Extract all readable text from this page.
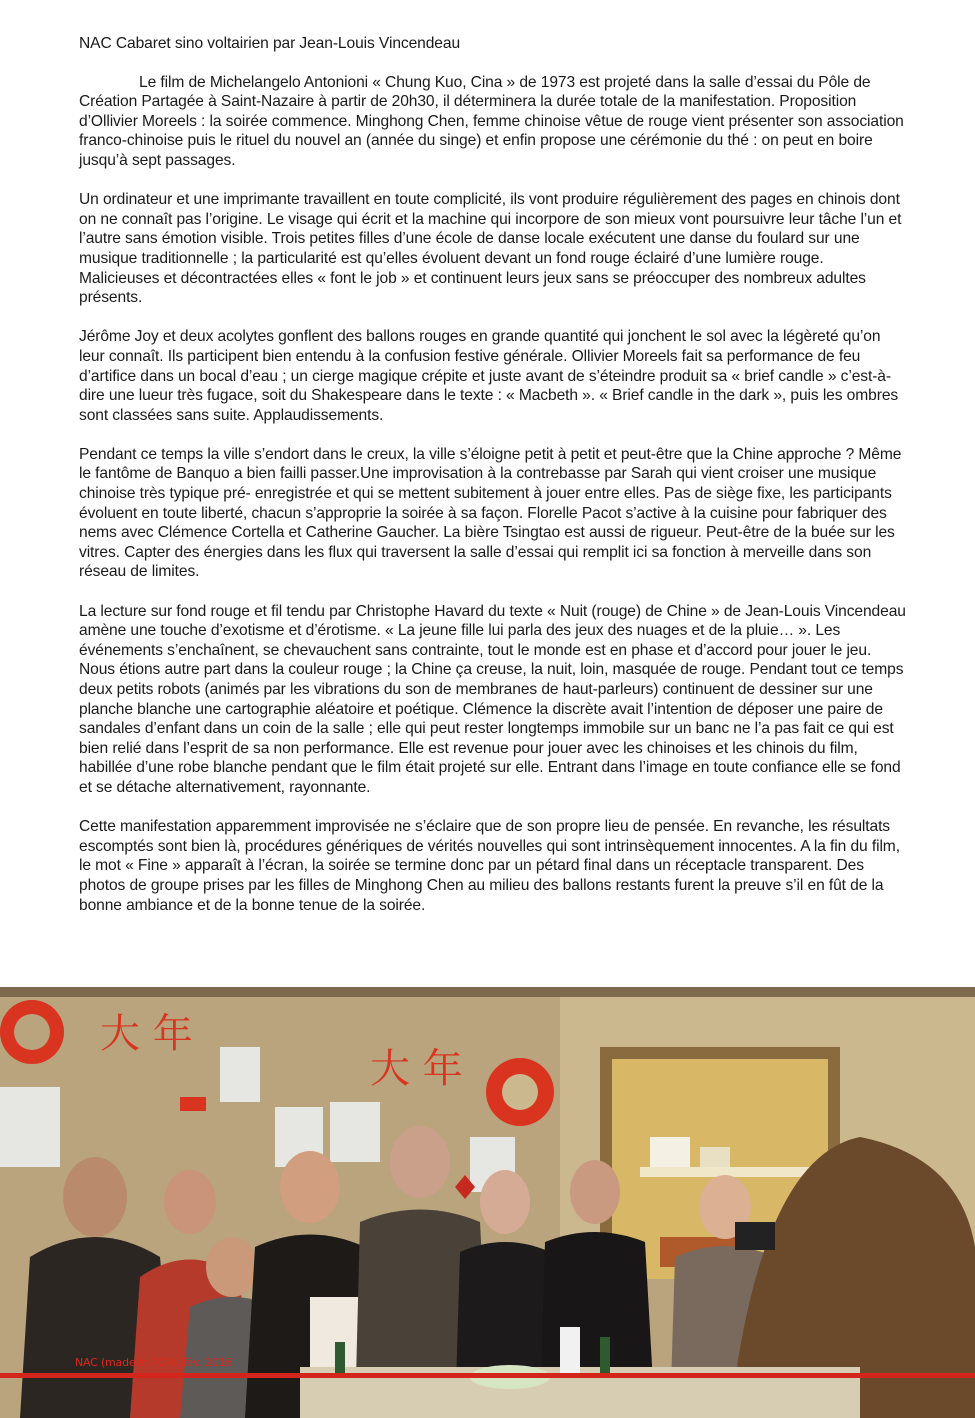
NAC Cabaret sino voltairien par Jean-Louis Vincendeau

Le film de Michelangelo Antonioni « Chung Kuo, Cina » de 1973 est projeté dans la salle d’essai du Pôle de Création Partagée à Saint-Nazaire à partir de 20h30, il déterminera la durée totale de la manifestation. Proposition d’Ollivier Moreels : la soirée commence. Minghong Chen, femme chinoise vêtue de rouge vient présenter son association franco-chinoise puis le rituel du nouvel an (année du singe) et enfin propose une cérémonie du thé : on peut en boire jusqu’à sept passages.

Un ordinateur et une imprimante travaillent en toute complicité, ils vont produire régulièrement des pages en chinois dont on ne connaît pas l’origine. Le visage qui écrit et la machine qui incorpore de son mieux vont poursuivre leur tâche l’un et l’autre sans émotion visible. Trois petites filles d’une école de danse locale exécutent une danse du foulard sur une musique traditionnelle ; la particularité est qu’elles évoluent devant un fond rouge éclairé d’une lumière rouge. Malicieuses et décontractées elles « font le job » et continuent leurs jeux sans se préoccuper des nombreux adultes présents.

Jérôme Joy et deux acolytes gonflent des ballons rouges en grande quantité qui jonchent le sol avec la légèreté qu’on leur connaît. Ils participent bien entendu à la confusion festive générale. Ollivier Moreels fait sa performance de feu d’artifice dans un bocal d’eau ; un cierge magique crépite et juste avant de s’éteindre produit sa « brief candle » c’est-à-dire une lueur très fugace, soit du Shakespeare dans le texte : « Macbeth ». « Brief candle in the dark », puis les ombres sont classées sans suite. Applaudissements.

Pendant ce temps la ville s’endort dans le creux, la ville s’éloigne petit à petit et peut-être que la Chine approche ? Même le fantôme de Banquo a bien failli passer.Une improvisation à la contrebasse par Sarah qui vient croiser une musique chinoise très typique pré- enregistrée et qui se mettent subitement à jouer entre elles. Pas de siège fixe, les participants évoluent en toute liberté, chacun s’approprie la soirée à sa façon. Florelle Pacot s’active à la cuisine pour fabriquer des nems avec Clémence Cortella et Catherine Gaucher. La bière Tsingtao est aussi de rigueur. Peut-être de la buée sur les vitres. Capter des énergies dans les flux qui traversent la salle d’essai qui remplit ici sa fonction à merveille dans son réseau de limites.

La lecture sur fond rouge et fil tendu par Christophe Havard du texte « Nuit (rouge) de Chine » de Jean-Louis Vincendeau amène une touche d’exotisme et d’érotisme. « La jeune fille lui parla des jeux des nuages et de la pluie… ». Les événements s’enchaînent, se chevauchent sans contrainte, tout le monde est en phase et d’accord pour jouer le jeu. Nous étions autre part dans la couleur rouge ; la Chine ça creuse, la nuit, loin, masquée de rouge. Pendant tout ce temps deux petits robots (animés par les vibrations du son de membranes de haut-parleurs) continuent de dessiner sur une planche blanche une cartographie aléatoire et poétique. Clémence la discrète avait l’intention de déposer une paire de sandales d’enfant dans un coin de la salle ; elle qui peut rester longtemps immobile sur un banc ne l’a pas fait ce qui est bien relié dans l’esprit de sa non performance. Elle est revenue pour jouer avec les chinoises et les chinois du film, habillée d’une robe blanche pendant que le film était projeté sur elle. Entrant dans l’image en toute confiance elle se fond et se détache alternativement, rayonnante.

Cette manifestation apparemment improvisée ne s’éclaire que de son propre lieu de pensée. En revanche, les résultats escomptés sont bien là, procédures génériques de vérités nouvelles qui sont intrinsèquement innocentes. A la fin du film, le mot « Fine » apparaît à l’écran, la soirée se termine donc par un pétard final dans un réceptacle transparent. Des photos de groupe prises par les filles de Minghong Chen au milieu des ballons restants furent la preuve s’il en fût de la bonne ambiance et de la bonne tenue de la soirée.

大 年
大 年
NAC (made in PCP), fév. 2016
